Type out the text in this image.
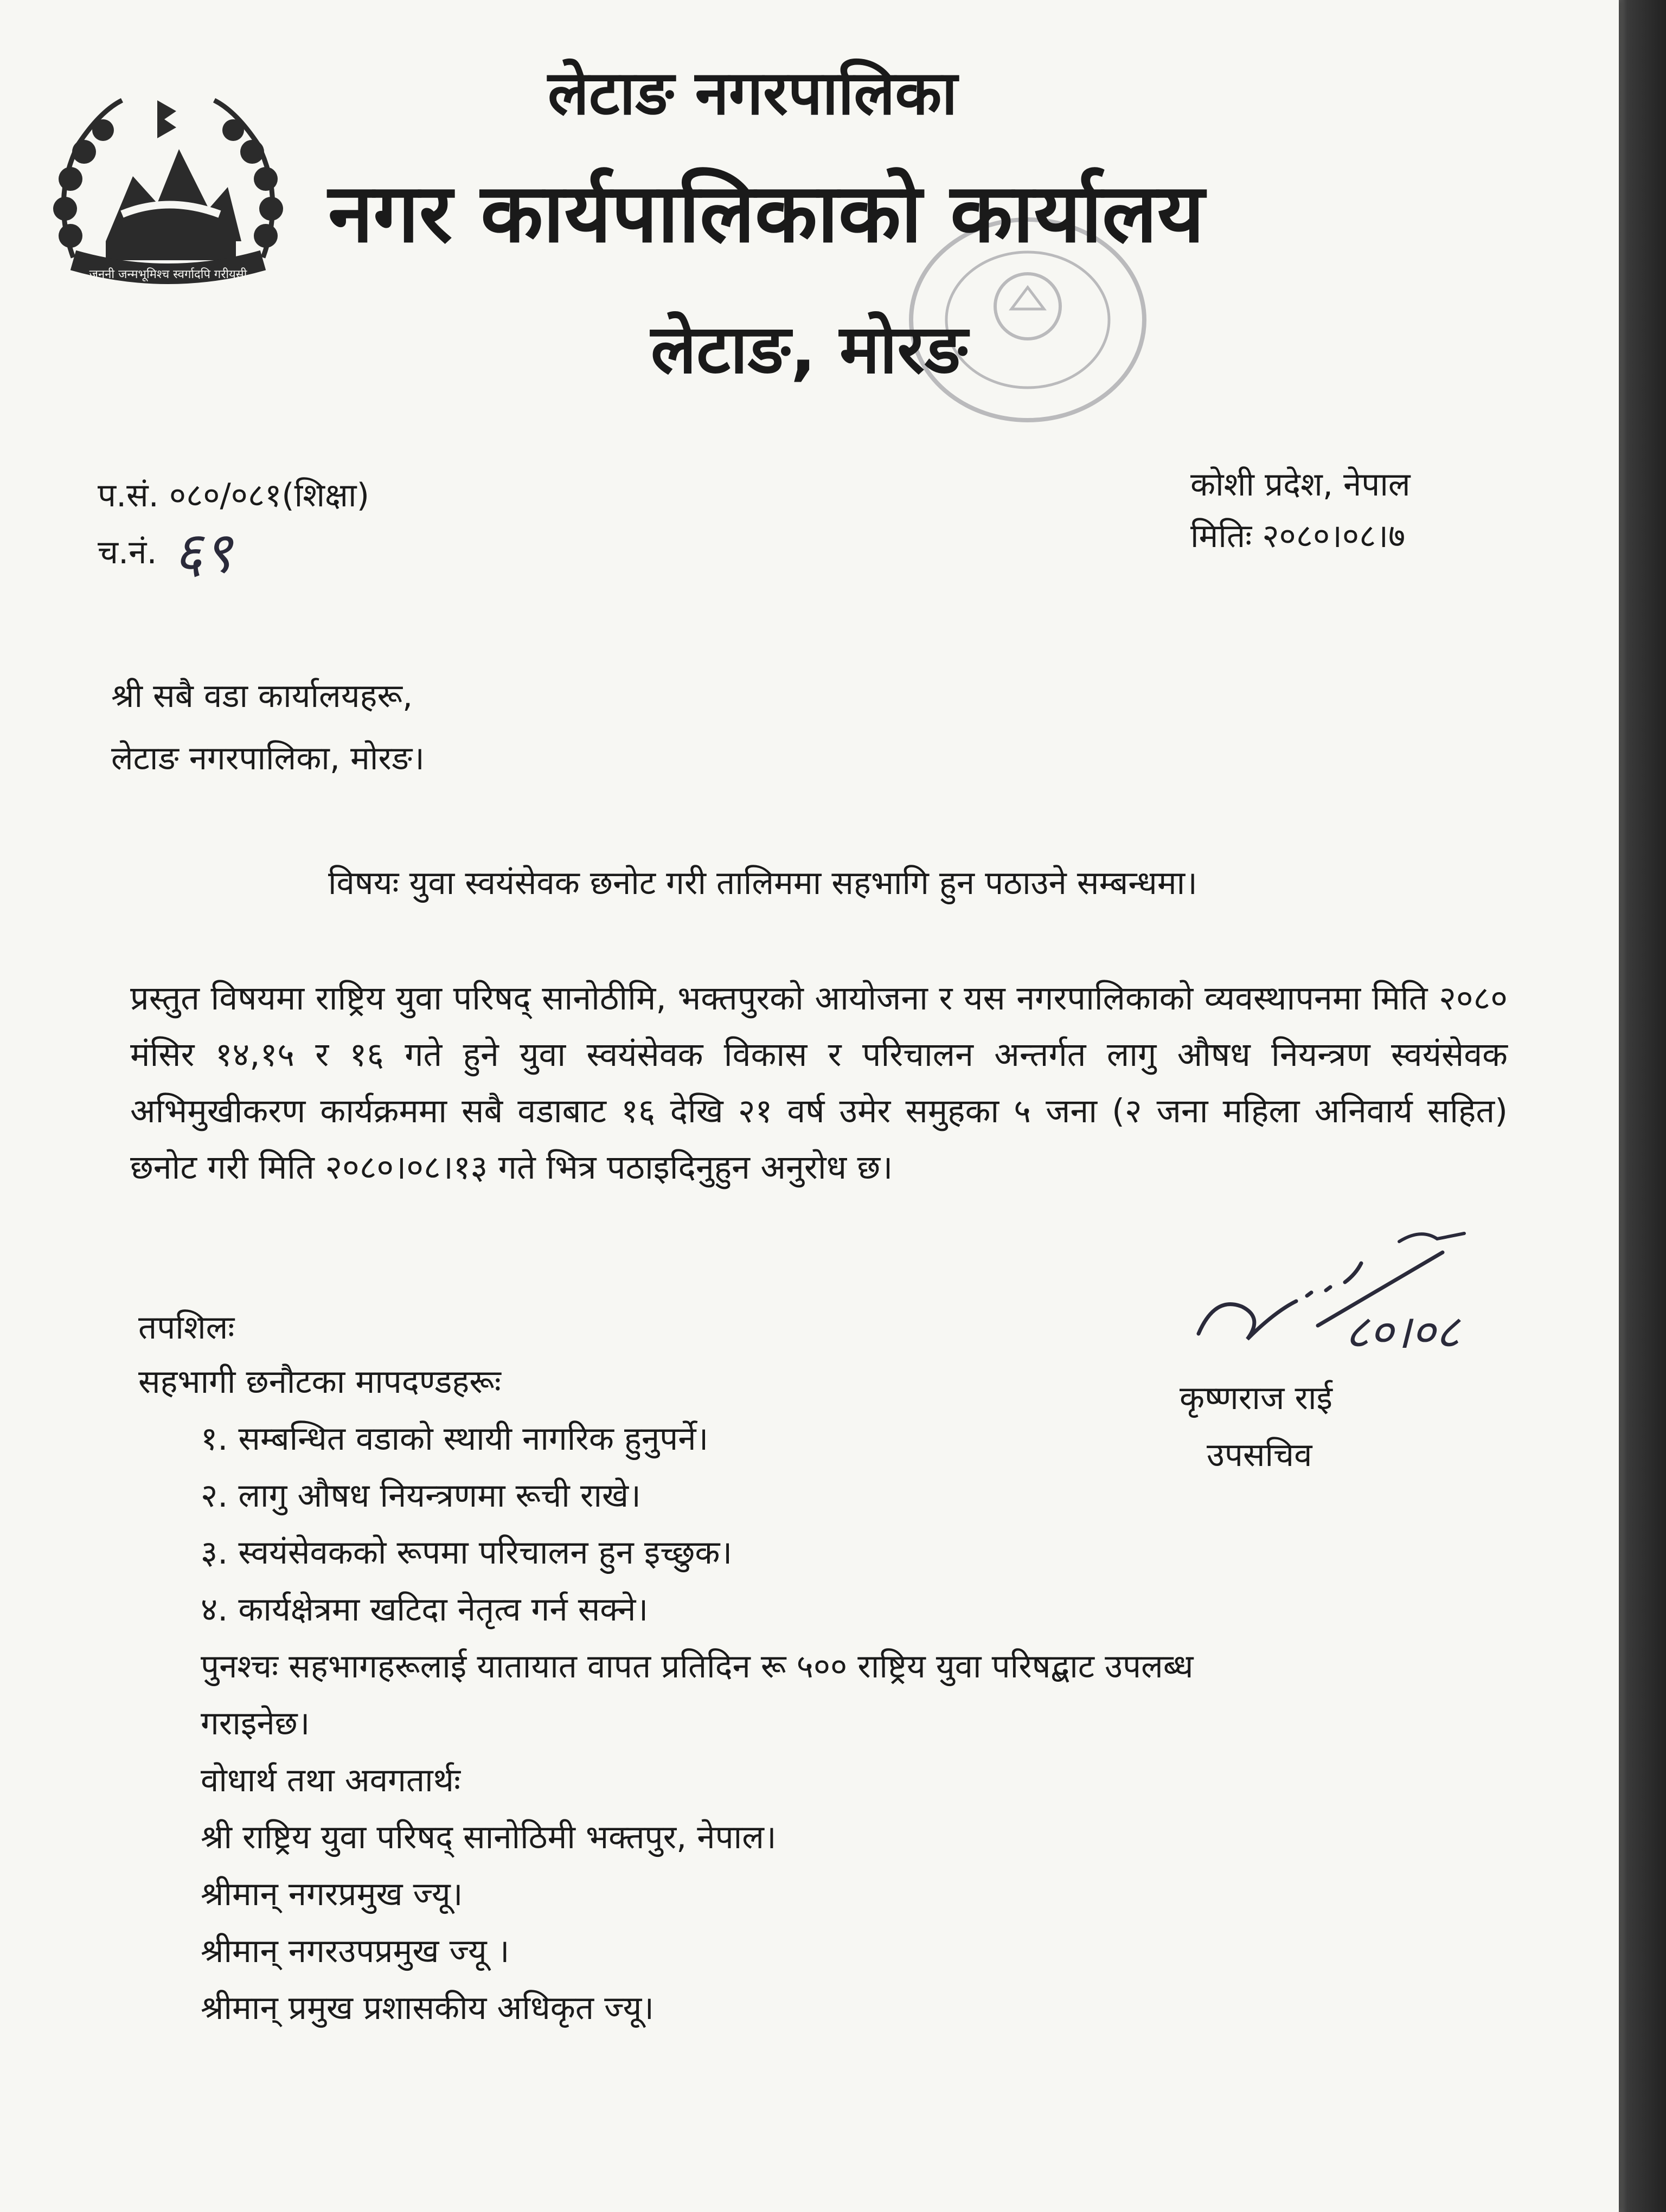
जननी जन्मभूमिश्च स्वर्गादपि गरीयसी
लेटाङ नगरपालिका
नगर कार्यपालिकाको कार्यालय
लेटाङ, मोरङ
प.सं. ०८०/०८१(शिक्षा)
च.नं. ६९
कोशी प्रदेश, नेपाल
मितिः २०८०।०८।७
श्री सबै वडा कार्यालयहरू,
लेटाङ नगरपालिका, मोरङ।
विषयः युवा स्वयंसेवक छनोट गरी तालिममा सहभागि हुन पठाउने सम्बन्धमा।
प्रस्तुत विषयमा राष्ट्रिय युवा परिषद् सानोठीमि, भक्तपुरको आयोजना र यस नगरपालिकाको व्यवस्थापनमा मिति २०८० मंसिर १४,१५ र १६ गते हुने युवा स्वयंसेवक विकास र परिचालन अन्तर्गत लागु औषध नियन्त्रण स्वयंसेवक अभिमुखीकरण कार्यक्रममा सबै वडाबाट १६ देखि २१ वर्ष उमेर समुहका ५ जना (२ जना महिला अनिवार्य सहित) छनोट गरी मिति २०८०।०८।१३ गते भित्र पठाइदिनुहुन अनुरोध छ।
तपशिलः
सहभागी छनौटका मापदण्डहरूः
१. सम्बन्धित वडाको स्थायी नागरिक हुनुपर्ने।
२. लागु औषध नियन्त्रणमा रूची राखे।
३. स्वयंसेवकको रूपमा परिचालन हुन इच्छुक।
४. कार्यक्षेत्रमा खटिदा नेतृत्व गर्न सक्ने।
पुनश्चः सहभागहरूलाई यातायात वापत प्रतिदिन रू ५०० राष्ट्रिय युवा परिषद्बाट उपलब्ध
गराइनेछ।
८०।०८
कृष्णराज राई
उपसचिव
वोधार्थ तथा अवगतार्थः
श्री राष्ट्रिय युवा परिषद् सानोठिमी भक्तपुर, नेपाल।
श्रीमान् नगरप्रमुख ज्यू।
श्रीमान् नगरउपप्रमुख ज्यू ।
श्रीमान् प्रमुख प्रशासकीय अधिकृत ज्यू।
